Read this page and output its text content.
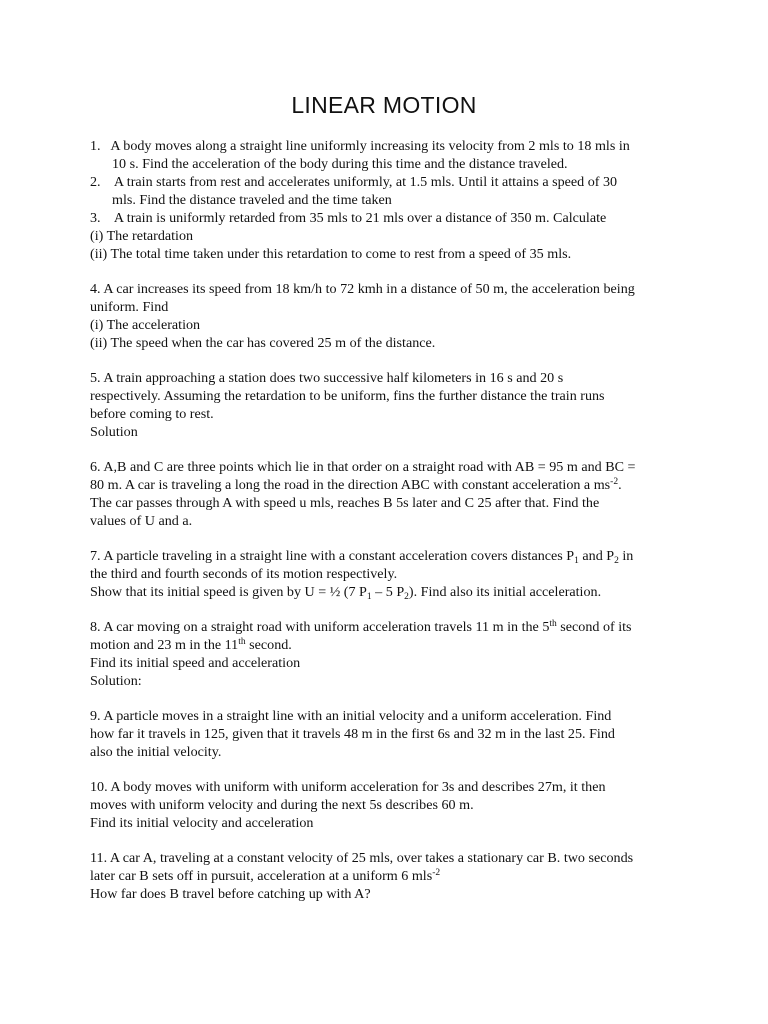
LINEAR MOTION
1.   A body moves along a straight line uniformly increasing its velocity from 2 mls to 18 mls in
10 s. Find the acceleration of the body during this time and the distance traveled.
2.    A train starts from rest and accelerates uniformly, at 1.5 mls. Until it attains a speed of 30
mls. Find the distance traveled and the time taken
3.    A train is uniformly retarded from 35 mls to 21 mls over a distance of 350 m. Calculate
(i) The retardation
(ii) The total time taken under this retardation to come to rest from a speed of 35 mls.
4. A car increases its speed from 18 km/h to 72 kmh in a distance of 50 m, the acceleration being
uniform. Find
(i) The acceleration
(ii) The speed when the car has covered 25 m of the distance.
5. A train approaching a station does two successive half kilometers in 16 s and 20 s
respectively. Assuming the retardation to be uniform, fins the further distance the train runs
before coming to rest.
Solution
6. A,B and C are three points which lie in that order on a straight road with AB = 95 m and BC =
80 m. A car is traveling a long the road in the direction ABC with constant acceleration a $ms^{-2}$.
The car passes through A with speed u mls, reaches B 5s later and C 25 after that. Find the
values of U and a.
7. A particle traveling in a straight line with a constant acceleration covers distances $P_1$ and $P_2$ in
the third and fourth seconds of its motion respectively.
Show that its initial speed is given by U = ½ (7 $P_1 - 5$ $P_2$). Find also its initial acceleration.
8. A car moving on a straight road with uniform acceleration travels 11 m in the 5th second of its
motion and 23 m in the 11th second.
Find its initial speed and acceleration
Solution:
9. A particle moves in a straight line with an initial velocity and a uniform acceleration. Find
how far it travels in 125, given that it travels 48 m in the first 6s and 32 m in the last 25. Find
also the initial velocity.
10. A body moves with uniform with uniform acceleration for 3s and describes 27m, it then
moves with uniform velocity and during the next 5s describes 60 m.
Find its initial velocity and acceleration
11. A car A, traveling at a constant velocity of 25 mls, over takes a stationary car B. two seconds
later car B sets off in pursuit, acceleration at a uniform 6 mls$^{-2}$
How far does B travel before catching up with A?
